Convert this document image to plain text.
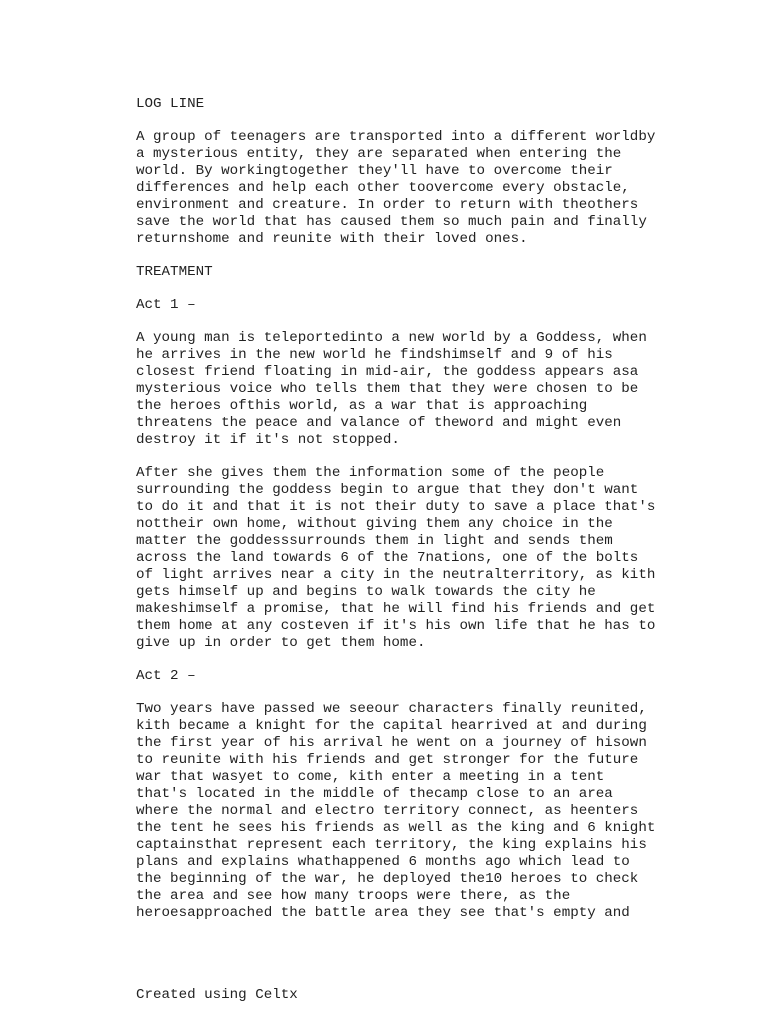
LOG LINE
A group of teenagers are transported into a different worldby
a mysterious entity, they are separated when entering the
world. By workingtogether they'll have to overcome their
differences and help each other toovercome every obstacle,
environment and creature. In order to return with theothers
save the world that has caused them so much pain and finally
returnshome and reunite with their loved ones.
TREATMENT
Act 1 –
A young man is teleportedinto a new world by a Goddess, when
he arrives in the new world he findshimself and 9 of his
closest friend floating in mid-air, the goddess appears asa
mysterious voice who tells them that they were chosen to be
the heroes ofthis world, as a war that is approaching
threatens the peace and valance of theword and might even
destroy it if it's not stopped.
After she gives them the information some of the people
surrounding the goddess begin to argue that they don't want
to do it and that it is not their duty to save a place that's
nottheir own home, without giving them any choice in the
matter the goddesssurrounds them in light and sends them
across the land towards 6 of the 7nations, one of the bolts
of light arrives near a city in the neutralterritory, as kith
gets himself up and begins to walk towards the city he
makeshimself a promise, that he will find his friends and get
them home at any costeven if it's his own life that he has to
give up in order to get them home.
Act 2 –
Two years have passed we seeour characters finally reunited,
kith became a knight for the capital hearrived at and during
the first year of his arrival he went on a journey of hisown
to reunite with his friends and get stronger for the future
war that wasyet to come, kith enter a meeting in a tent
that's located in the middle of thecamp close to an area
where the normal and electro territory connect, as heenters
the tent he sees his friends as well as the king and 6 knight
captainsthat represent each territory, the king explains his
plans and explains whathappened 6 months ago which lead to
the beginning of the war, he deployed the10 heroes to check
the area and see how many troops were there, as the
heroesapproached the battle area they see that's empty and
Created using Celtx
